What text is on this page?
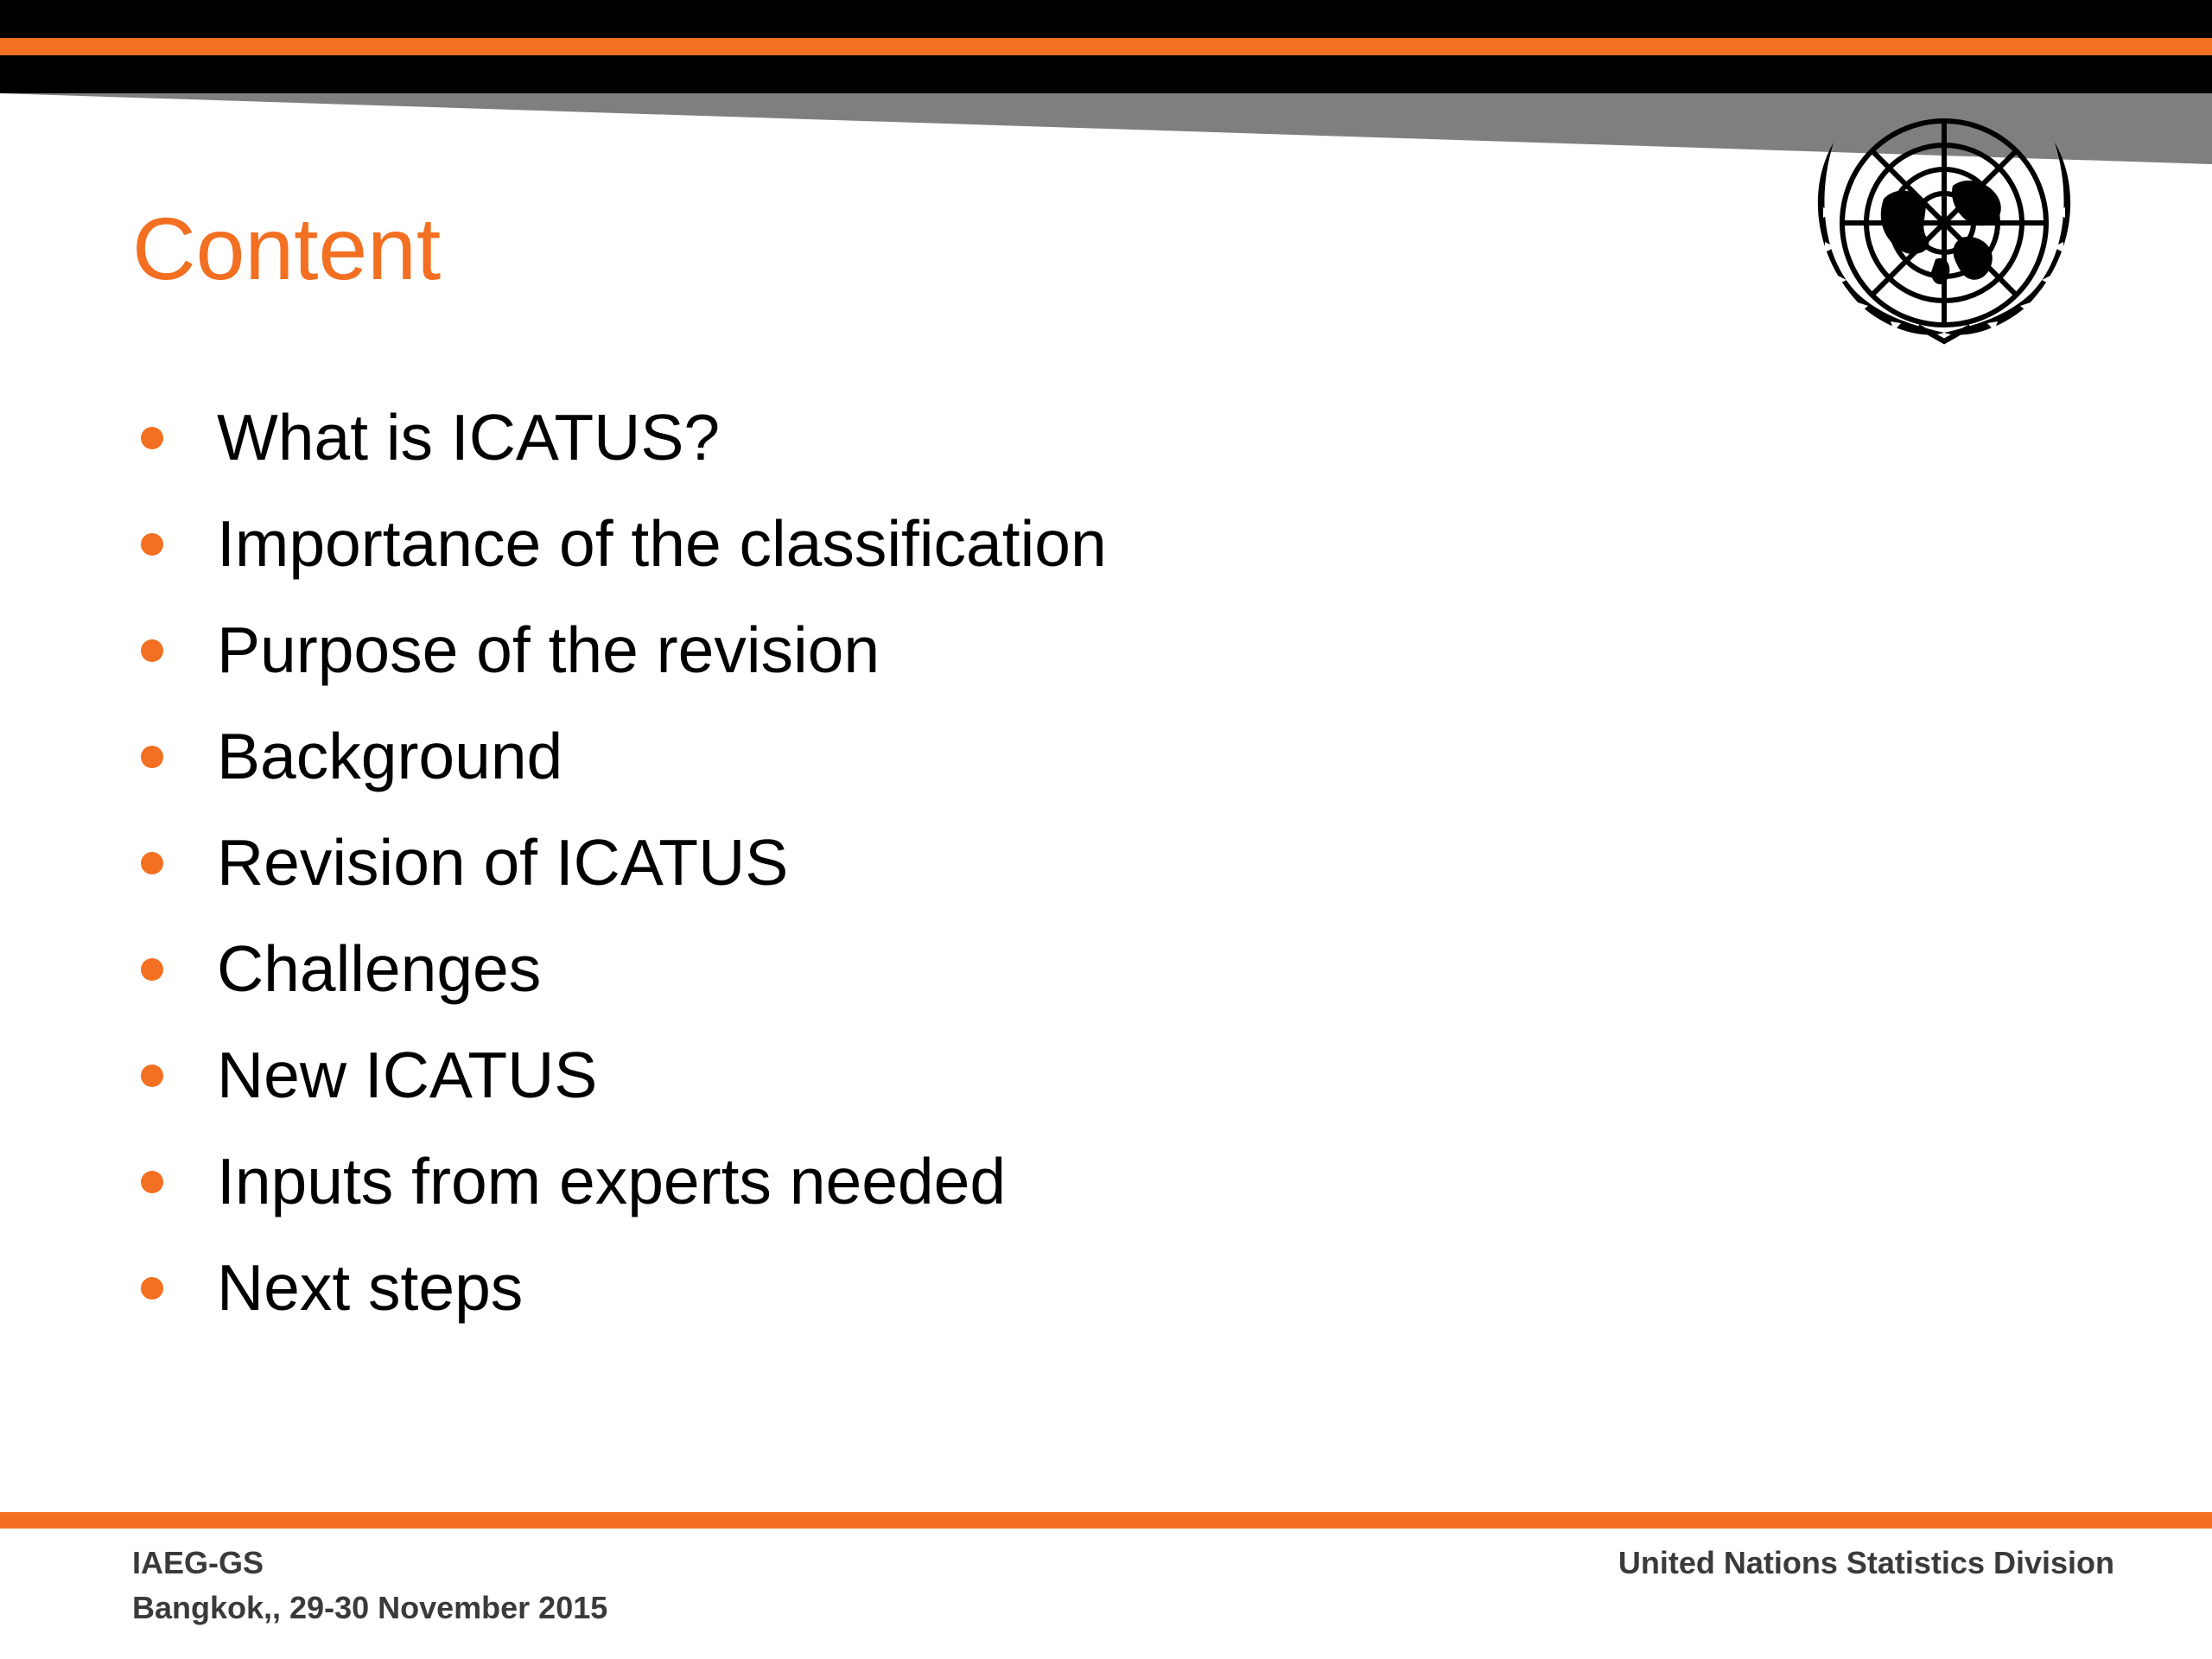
Content
What is ICATUS?
Importance of the classification
Purpose of the revision
Background
Revision of ICATUS
Challenges
New ICATUS
Inputs from experts needed
Next steps
IAEG-GS
Bangkok,, 29-30 November 2015
United Nations Statistics Division
